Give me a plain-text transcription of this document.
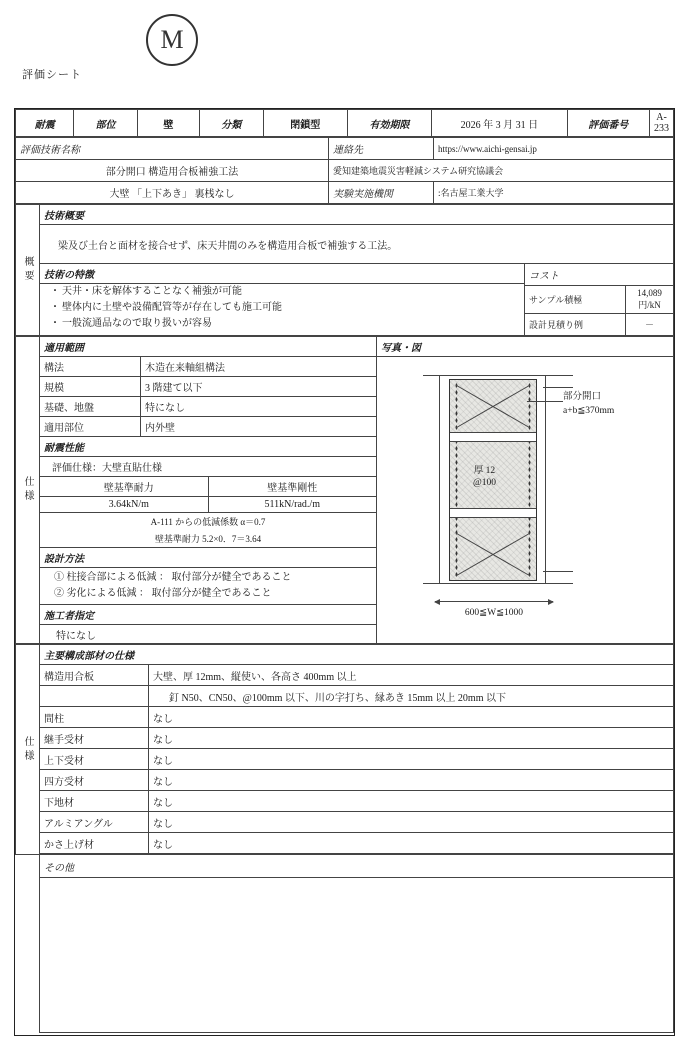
M
評価シート
耐震	部位	壁	分類	閉鎖型	有効期限	2026 年 3 月 31 日	評価番号	A-233
評価技術名称	連絡先	https://www.aichi-gensai.jp
部分開口 構造用合板補強工法	愛知建築地震災害軽減システム研究協議会	
大壁 「上下あき」 裏桟なし	実験実施機関	:名古屋工業大学
概要	
技術概要
梁及び土台と面材を接合せず、床天井間のみを構造用合板で補強する工法。

技術の特徴
・ 天井・床を解体することなく補強が可能
・ 壁体内に土壁や設備配管等が存在しても施工可能
・ 一般流通品なので取り扱いが容易

コスト
サンプル積極	14,089 円/kN
設計見積り例	－
仕様	
適用範囲
構法	木造在来軸組構法
規模	3 階建て以下
基礎、地盤	特になし
適用部位	内外壁
耐震性能
評価仕様：大壁直貼仕様
壁基準耐力	壁基準剛性
3.64kN/m	511kN/rad./m
A-111 からの低減係数 α＝0.7
壁基準耐力 5.2×0．7＝3.64
設計方法
① 柱接合部による低減 ： 取付部分が健全であること
② 劣化による低減 ： 取付部分が健全であること
施工者指定
特になし

写真・図
部分開口
a+b≦370mm
厚 12
@100
600≦W≦1000
仕様	主要構成部材の仕様

構造用合板	大壁、厚 12mm、縦使い、各高さ 400mm 以上
	釘 N50、CN50、@100mm 以下、川の字打ち、縁あき 15mm 以上 20mm 以下
間柱	なし
継手受材	なし
上下受材	なし
四方受材	なし
下地材	なし
アルミアングル	なし
かさ上げ材	なし

	その他
